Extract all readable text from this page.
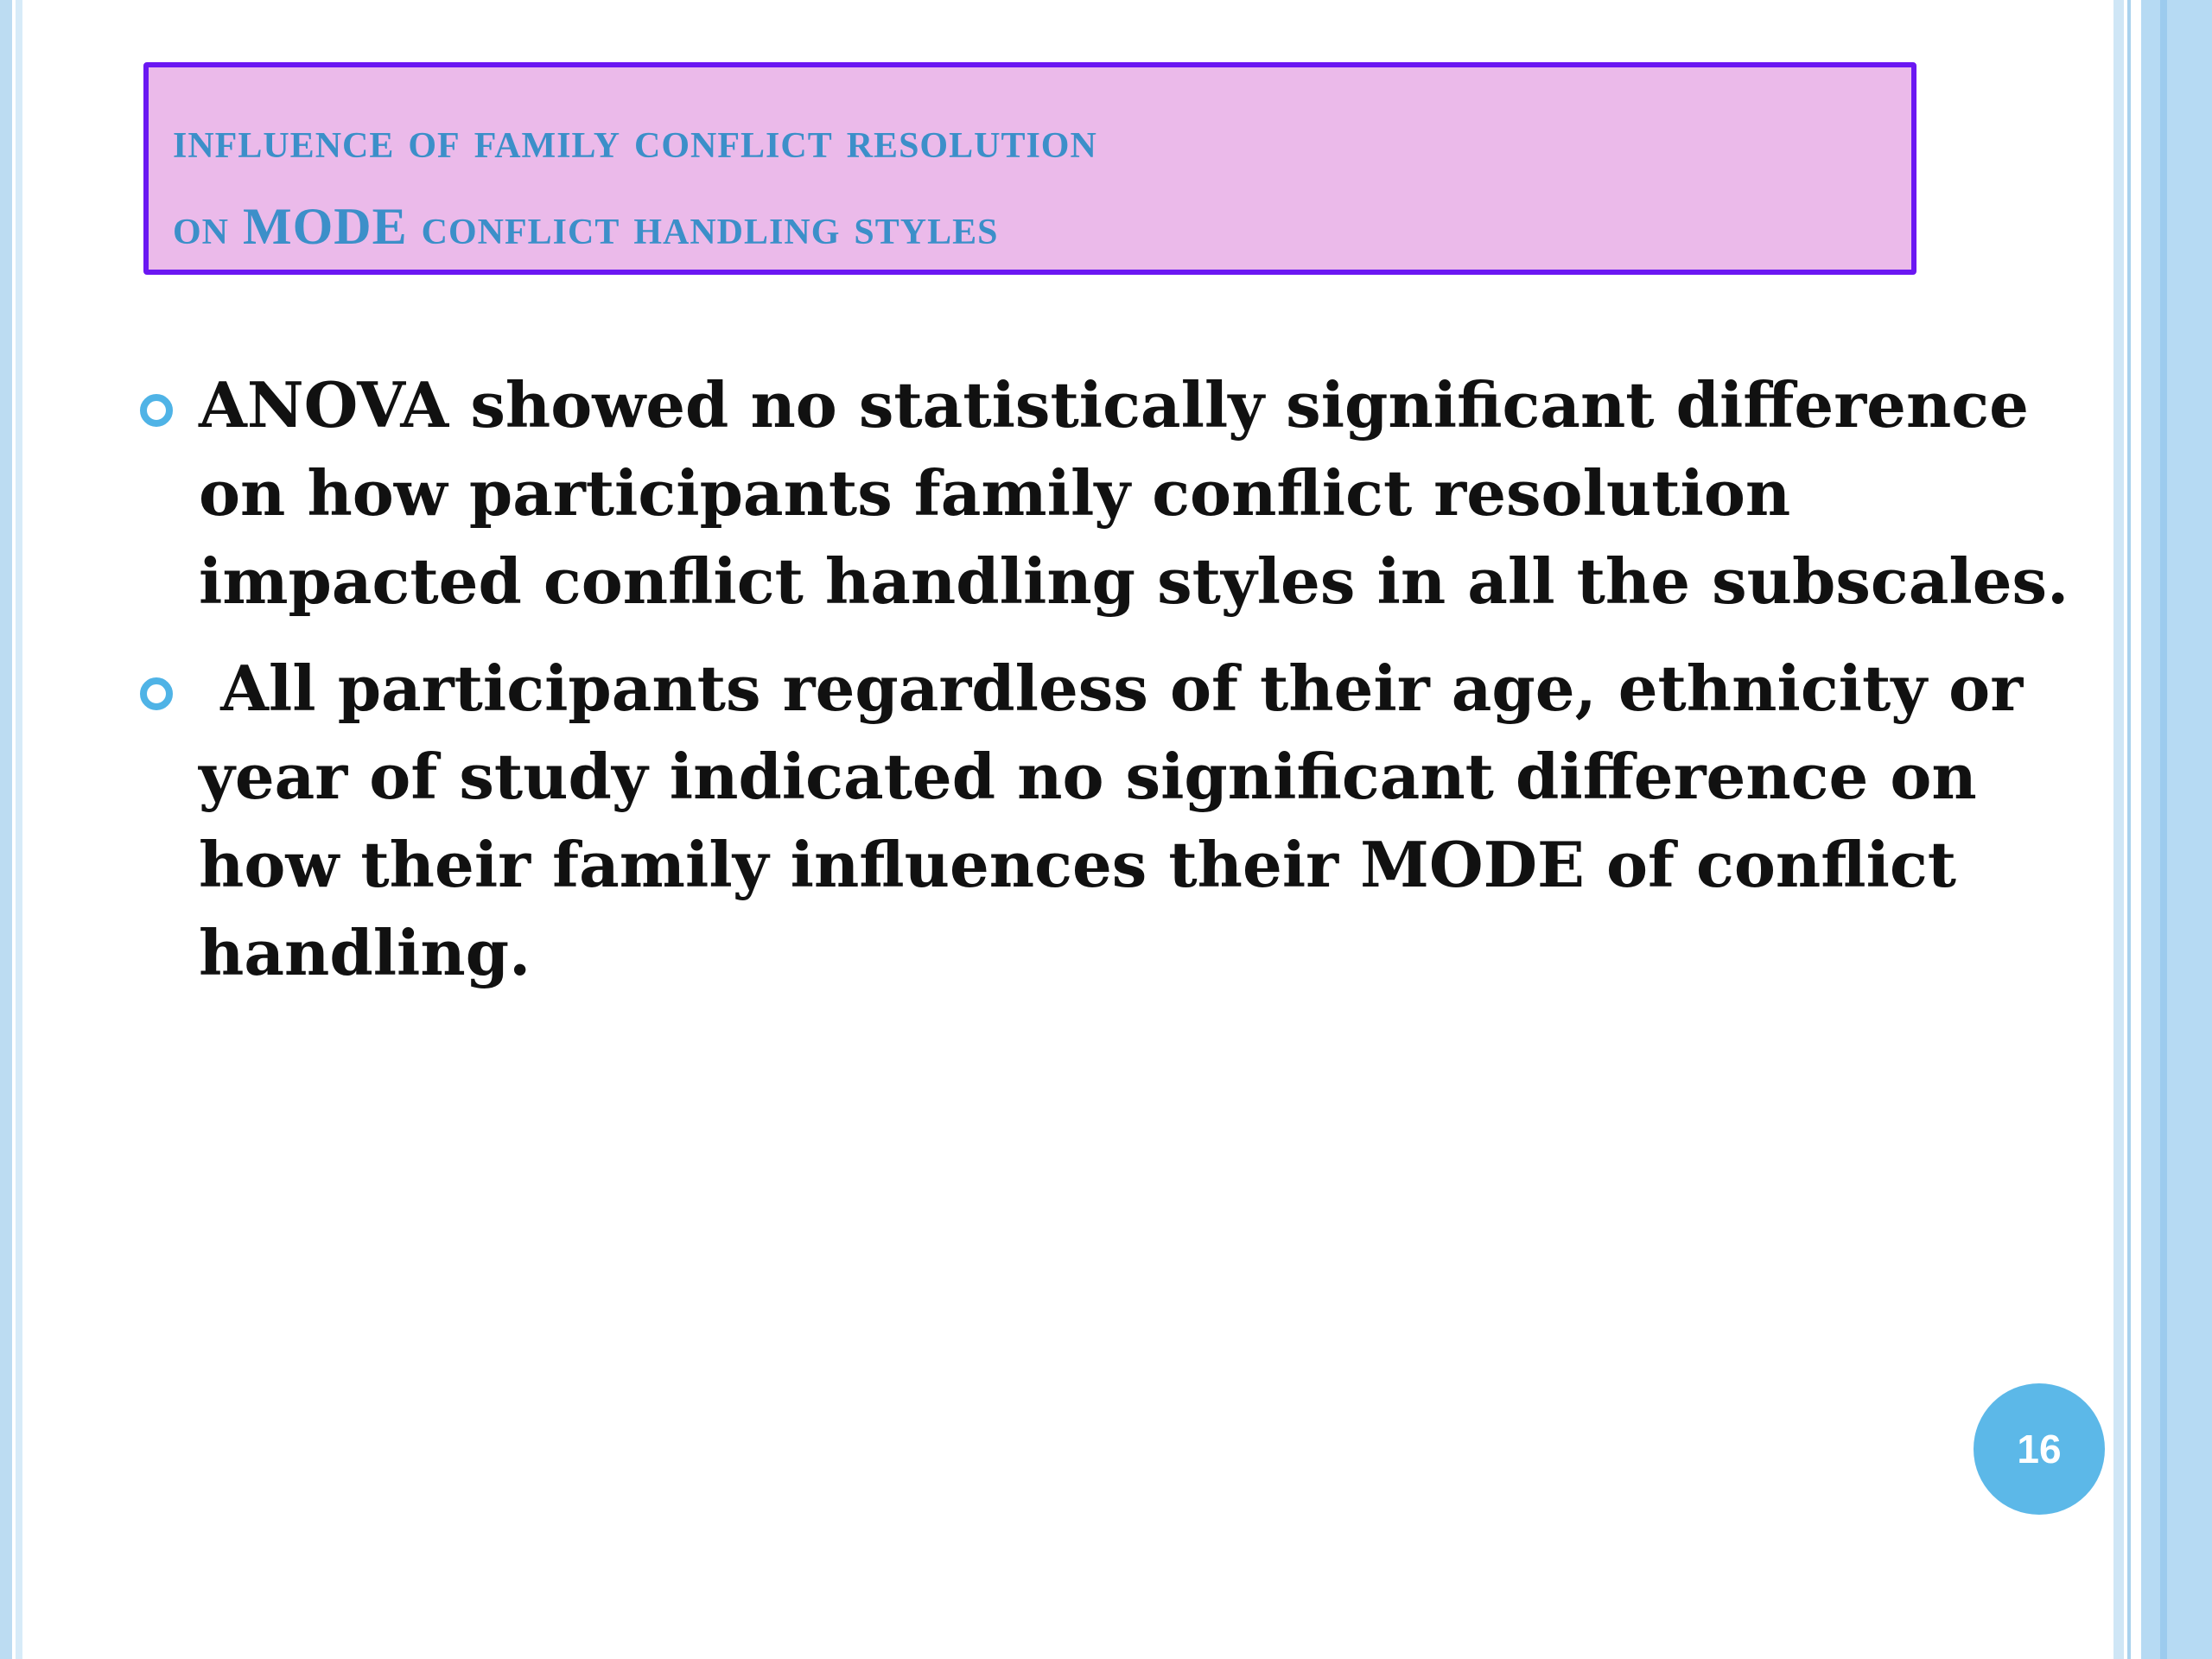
influence of family conflict resolution

on MODE conflict handling styles

ANOVA showed no statistically significant difference on how participants family conflict resolution impacted conflict handling styles in all the subscales.
All participants regardless of their age, ethnicity or year of study indicated no significant difference on how their family influences their MODE of conflict handling.
16
